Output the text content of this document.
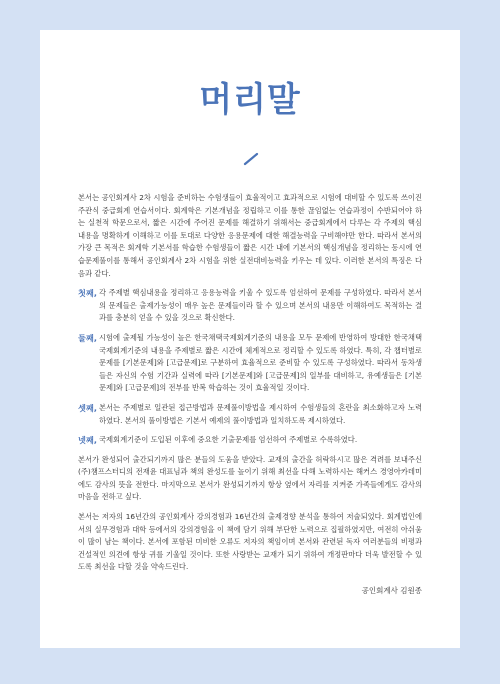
머리말

본서는 공인회계사 2차 시험을 준비하는 수험생들이 효율적이고 효과적으로 시험에 대비할 수 있도록 쓰이진 주관식 중급회계 연습서이다. 회계학은 기본개념을 정립하고 이를 통한 끊임없는 연습과정이 수반되어야 하는 실천적 학문으로서, 짧은 시간에 주어진 문제를 해결하기 위해서는 중급회계에서 다루는 각 주제의 핵심 내용을 명확하게 이해하고 이를 토대로 다양한 응용문제에 대한 해결능력을 구비해야만 한다. 따라서 본서의 가장 큰 목적은 회계학 기본서를 학습한 수험생들이 짧은 시간 내에 기본서의 핵심개념을 정리하는 동시에 연습문제풀이를 통해서 공인회계사 2차 시험을 위한 실전대비능력을 키우는 데 있다. 이러한 본서의 특징은 다음과 같다.

첫째, 각 주제별 핵심내용을 정리하고 응용능력을 키울 수 있도록 엄선하여 문제를 구성하였다. 따라서 본서의 문제들은 출제가능성이 매우 높은 문제들이라 할 수 있으며 본서의 내용만 이해하여도 목적하는 결과를 충분히 얻을 수 있을 것으로 확신한다.
둘째, 시험에 출제될 가능성이 높은 한국채택국제회계기준의 내용을 모두 문제에 반영하여 방대한 한국채택국제회계기준의 내용을 주제별로 짧은 시간에 체계적으로 정리할 수 있도록 하였다. 특히, 각 챕터별로 문제를 [기본문제]와 [고급문제]로 구분하여 효율적으로 준비할 수 있도록 구성하였다. 따라서 동차생들은 자신의 수험 기간과 실력에 따라 [기본문제]와 [고급문제]의 일부를 대비하고, 유예생들은 [기본문제]와 [고급문제]의 전부를 반복 학습하는 것이 효율적일 것이다.
셋째, 본서는 주제별로 일관된 접근방법과 문제풀이방법을 제시하여 수험생들의 혼란을 최소화하고자 노력하였다. 본서의 풀이방법은 기본서 예제의 풀이방법과 일치하도록 제시하였다.
넷째, 국제회계기준이 도입된 이후에 중요한 기출문제를 엄선하여 주제별로 수록하였다.

본서가 완성되어 출간되기까지 많은 분들의 도움을 받았다. 교재의 출간을 허락하시고 많은 격려를 보내주신 (주)챔프스터디의 전재윤 대표님과 책의 완성도를 높이기 위해 최선을 다해 노력하시는 해커스 경영아카데미에도 감사의 뜻을 전한다. 마지막으로 본서가 완성되기까지 항상 옆에서 자리를 지켜준 가족들에게도 감사의 마음을 전하고 싶다.

본서는 저자의 16년간의 공인회계사 강의경험과 16년간의 출제경향 분석을 통하여 저술되었다. 회계법인에서의 실무경험과 대학 등에서의 강의경험을 이 책에 담기 위해 부단한 노력으로 집필하였지만, 여전히 아쉬움이 많이 남는 책이다. 본서에 포함된 미비한 오류도 저자의 책임이며 본서와 관련된 독자 여러분들의 비평과 건설적인 의견에 항상 귀를 기울일 것이다. 또한 사랑받는 교재가 되기 위하여 개정판마다 더욱 발전할 수 있도록 최선을 다할 것을 약속드린다.

공인회계사 김원종
